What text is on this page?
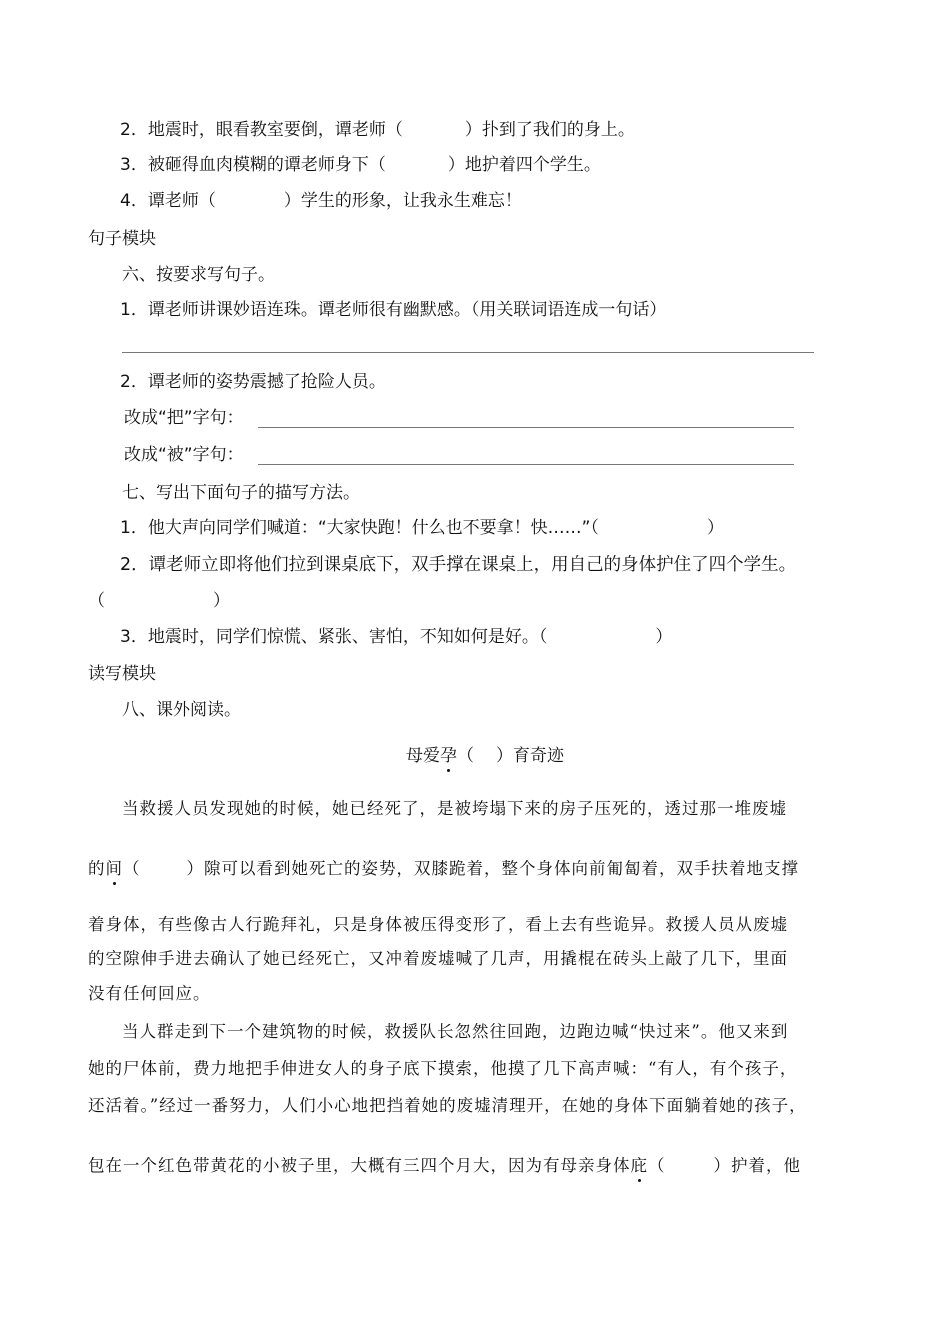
2．地震时，眼看教室要倒，谭老师（	）扑到了我们的身上。
3．被砸得血肉模糊的谭老师身下（	）地护着四个学生。
4．谭老师（	）学生的形象，让我永生难忘！
句子模块
六、按要求写句子。
1．谭老师讲课妙语连珠。谭老师很有幽默感。（用关联词语连成一句话）
2．谭老师的姿势震撼了抢险人员。
改成“把”字句：
改成“被”字句：
七、写出下面句子的描写方法。
1．他大声向同学们喊道：“大家快跑！什么也不要拿！快……”（	）
2．谭老师立即将他们拉到课桌底下，双手撑在课桌上，用自己的身体护住了四个学生。
（	）
3．地震时，同学们惊慌、紧张、害怕，不知如何是好。（	）
读写模块
八、课外阅读。
母爱孕（ ）育奇迹
当救援人员发现她的时候，她已经死了，是被垮塌下来的房子压死的，透过那一堆废墟
的间（	）隙可以看到她死亡的姿势，双膝跪着，整个身体向前匍匐着，双手扶着地支撑
着身体，有些像古人行跪拜礼，只是身体被压得变形了，看上去有些诡异。救援人员从废墟
的空隙伸手进去确认了她已经死亡，又冲着废墟喊了几声，用撬棍在砖头上敲了几下，里面
没有任何回应。
当人群走到下一个建筑物的时候，救援队长忽然往回跑，边跑边喊“快过来”。他又来到
她的尸体前，费力地把手伸进女人的身子底下摸索，他摸了几下高声喊：“有人，有个孩子，
还活着。”经过一番努力，人们小心地把挡着她的废墟清理开，在她的身体下面躺着她的孩子，
包在一个红色带黄花的小被子里，大概有三四个月大，因为有母亲身体庇（	）护着，他
